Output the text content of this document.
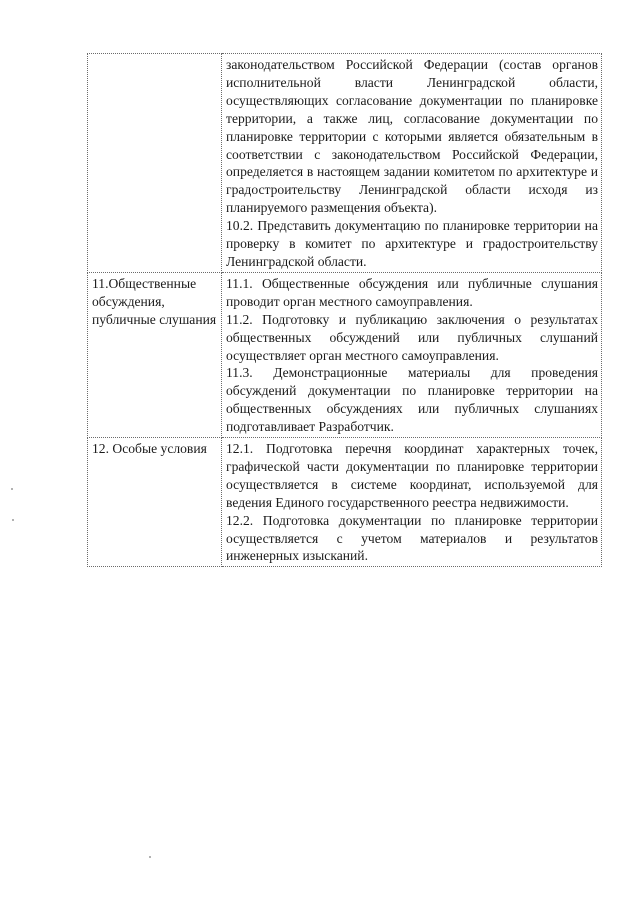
	законодательством Российской Федерации (состав органов исполнительной власти Ленинградской области, осуществляющих согласование документации по планировке территории, а также лиц, согласование документации по планировке территории с которыми является обязательным в соответствии с законодательством Российской Федерации, определяется в настоящем задании комитетом по архитектуре и градостроительству Ленинградской области исходя из планируемого размещения объекта).

10.2. Представить документацию по планировке территории на проверку в комитет по архитектуре и градостроительству Ленинградской области.

11.Общественные обсуждения, публичные слушания	11.1. Общественные обсуждения или публичные слушания проводит орган местного самоуправления.

11.2. Подготовку и публикацию заключения о результатах общественных обсуждений или публичных слушаний осуществляет орган местного самоуправления.

11.3. Демонстрационные материалы для проведения обсуждений документации по планировке территории на общественных обсуждениях или публичных слушаниях подготавливает Разработчик.

12. Особые условия	12.1. Подготовка перечня координат характерных точек, графической части документации по планировке территории осуществляется в системе координат, используемой для ведения Единого государственного реестра недвижимости.

12.2. Подготовка документации по планировке территории осуществляется с учетом материалов и результатов инженерных изысканий.
